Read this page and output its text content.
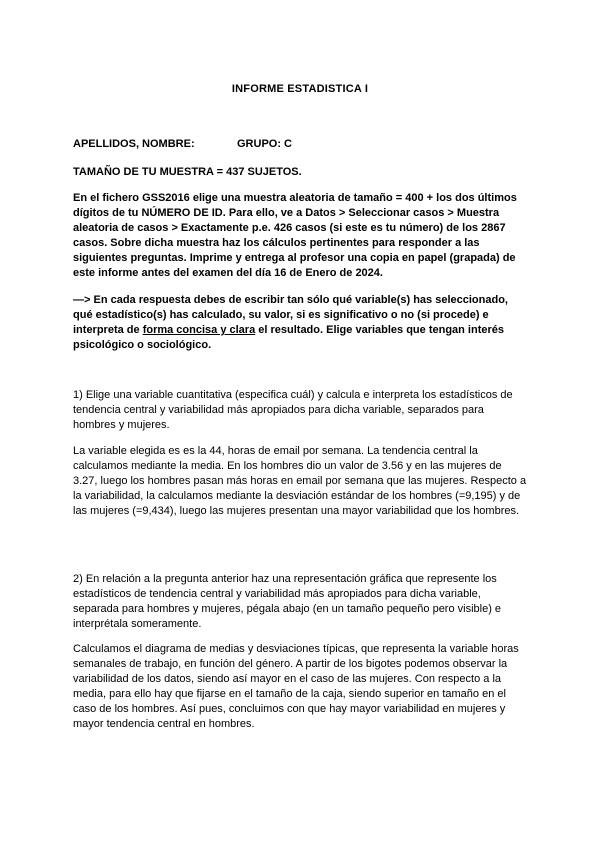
INFORME ESTADISTICA I
APELLIDOS, NOMBRE:	GRUPO: C
TAMAÑO DE TU MUESTRA = 437 SUJETOS.
En el fichero GSS2016 elige una muestra aleatoria de tamaño = 400 + los dos últimos dígitos de tu NÚMERO DE ID. Para ello, ve a Datos > Seleccionar casos > Muestra aleatoria de casos > Exactamente p.e. 426 casos (si este es tu número) de los 2867 casos. Sobre dicha muestra haz los cálculos pertinentes para responder a las siguientes preguntas. Imprime y entrega al profesor una copia en papel (grapada) de este informe antes del examen del día 16 de Enero de 2024.
—> En cada respuesta debes de escribir tan sólo qué variable(s) has seleccionado, qué estadístico(s) has calculado, su valor, si es significativo o no (si procede) e interpreta de forma concisa y clara el resultado. Elige variables que tengan interés psicológico o sociológico.
1) Elige una variable cuantitativa (especifica cuál) y calcula e interpreta los estadísticos de tendencia central y variabilidad más apropiados para dicha variable, separados para hombres y mujeres.
La variable elegida es es la 44, horas de email por semana. La tendencia central la calculamos mediante la media. En los hombres dio un valor de 3.56 y en las mujeres de 3.27, luego los hombres pasan más horas en email por semana que las mujeres. Respecto a la variabilidad, la calculamos mediante la desviación estándar de los hombres (=9,195) y de las mujeres (=9,434), luego las mujeres presentan una mayor variabilidad que los hombres.
2) En relación a la pregunta anterior haz una representación gráfica que represente los estadísticos de tendencia central y variabilidad más apropiados para dicha variable, separada para hombres y mujeres, pégala abajo (en un tamaño pequeño pero visible) e interprétala someramente.
Calculamos el diagrama de medias y desviaciones típicas, que representa la variable horas semanales de trabajo, en función del género. A partir de los bigotes podemos observar la variabilidad de los datos, siendo así mayor en el caso de las mujeres. Con respecto a la media, para ello hay que fijarse en el tamaño de la caja, siendo superior en tamaño en el caso de los hombres. Así pues, concluimos con que hay mayor variabilidad en mujeres y mayor tendencia central en hombres.
